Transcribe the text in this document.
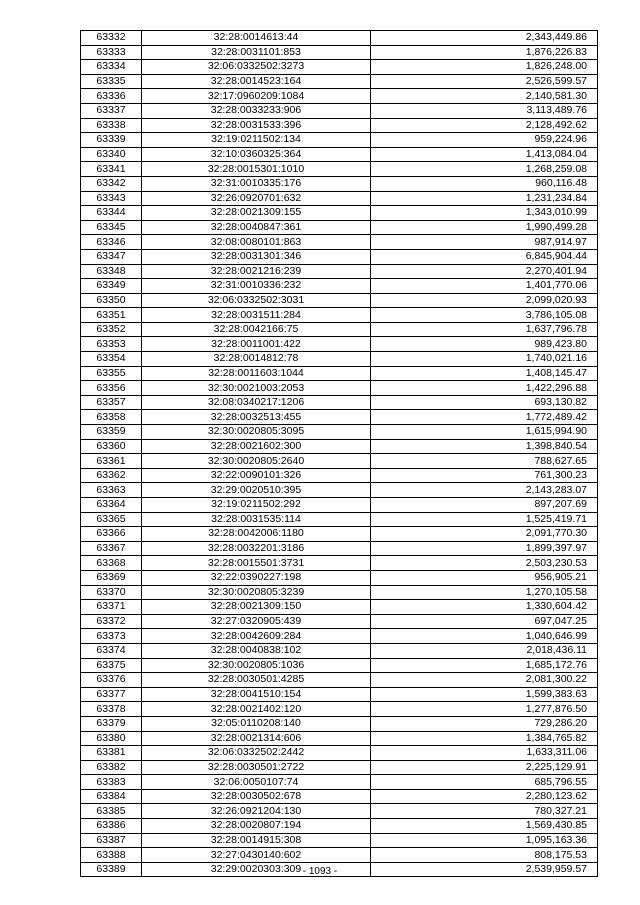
63332	32:28:0014613:44	2,343,449.86
63333	32:28:0031101:853	1,876,226.83
63334	32:06:0332502:3273	1,826,248.00
63335	32:28:0014523:164	2,526,599.57
63336	32:17:0960209:1084	2,140,581.30
63337	32:28:0033233:906	3,113,489.76
63338	32:28:0031533:396	2,128,492.62
63339	32:19:0211502:134	959,224.96
63340	32:10:0360325:364	1,413,084.04
63341	32:28:0015301:1010	1,268,259.08
63342	32:31:0010335:176	960,116.48
63343	32:26:0920701:632	1,231,234.84
63344	32:28:0021309:155	1,343,010.99
63345	32:28:0040847:361	1,990,499.28
63346	32:08:0080101:863	987,914.97
63347	32:28:0031301:346	6,845,904.44
63348	32:28:0021216:239	2,270,401.94
63349	32:31:0010336:232	1,401,770.06
63350	32:06:0332502:3031	2,099,020.93
63351	32:28:0031511:284	3,786,105.08
63352	32:28:0042166:75	1,637,796.78
63353	32:28:0011001:422	989,423.80
63354	32:28:0014812:78	1,740,021.16
63355	32:28:0011603:1044	1,408,145.47
63356	32:30:0021003:2053	1,422,296.88
63357	32:08:0340217:1206	693,130.82
63358	32:28:0032513:455	1,772,489.42
63359	32:30:0020805:3095	1,615,994.90
63360	32:28:0021602:300	1,398,840.54
63361	32:30:0020805:2640	788,627.65
63362	32:22:0090101:326	761,300.23
63363	32:29:0020510:395	2,143,283.07
63364	32:19:0211502:292	897,207.69
63365	32:28:0031535:114	1,525,419.71
63366	32:28:0042006:1180	2,091,770.30
63367	32:28:0032201:3186	1,899,397.97
63368	32:28:0015501:3731	2,503,230.53
63369	32:22:0390227:198	956,905.21
63370	32:30:0020805:3239	1,270,105.58
63371	32:28:0021309:150	1,330,604.42
63372	32:27:0320905:439	697,047.25
63373	32:28:0042609:284	1,040,646.99
63374	32:28:0040838:102	2,018,436.11
63375	32:30:0020805:1036	1,685,172.76
63376	32:28:0030501:4285	2,081,300.22
63377	32:28:0041510:154	1,599,383.63
63378	32:28:0021402:120	1,277,876.50
63379	32:05:0110208:140	729,286.20
63380	32:28:0021314:606	1,384,765.82
63381	32:06:0332502:2442	1,633,311.06
63382	32:28:0030501:2722	2,225,129.91
63383	32:06:0050107:74	685,796.55
63384	32:28:0030502:678	2,280,123.62
63385	32:26:0921204:130	780,327.21
63386	32:28:0020807:194	1,569,430.85
63387	32:28:0014915:308	1,095,163.36
63388	32:27:0430140:602	808,175.53
63389	32:29:0020303:309	2,539,959.57
- 1093 -
